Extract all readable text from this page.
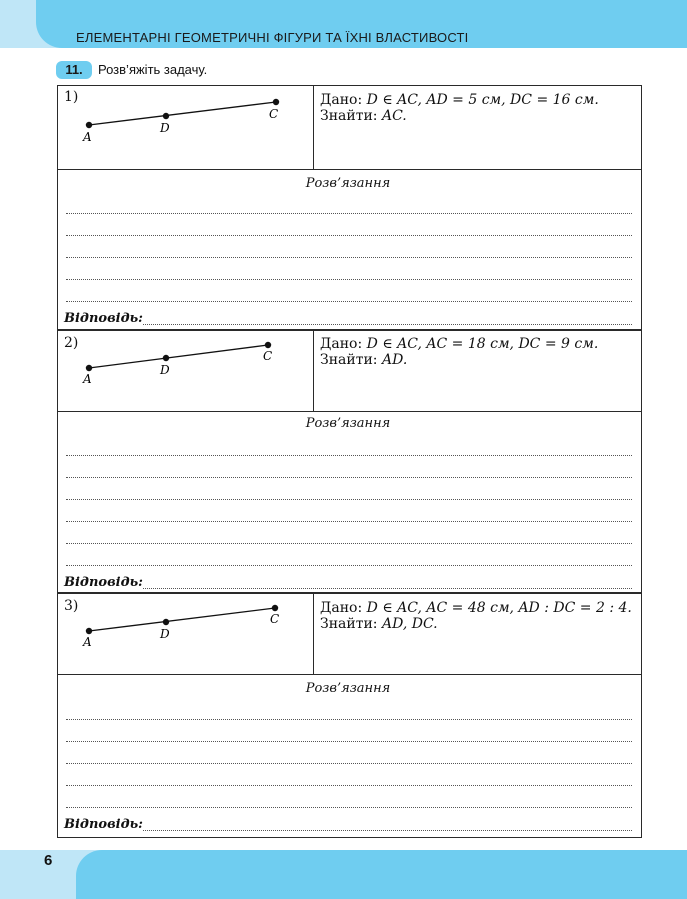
ЕЛЕМЕНТАРНІ ГЕОМЕТРИЧНІ ФІГУРИ ТА ЇХНІ ВЛАСТИВОСТІ
11.	Розв’яжіть задачу.
1)
A
D
C
Дано: D ∈ AC, AD = 5 см, DC = 16 см.
Знайти: AC.
Розв’язання
Відповідь:
2)
A
D
C
Дано: D ∈ AC, AC = 18 см, DC = 9 см.
Знайти: AD.
Розв’язання
Відповідь:
3)
A
D
C
Дано: D ∈ AC, AC = 48 см, AD : DC = 2 : 4.
Знайти: AD, DC.
Розв’язання
Відповідь:
6
